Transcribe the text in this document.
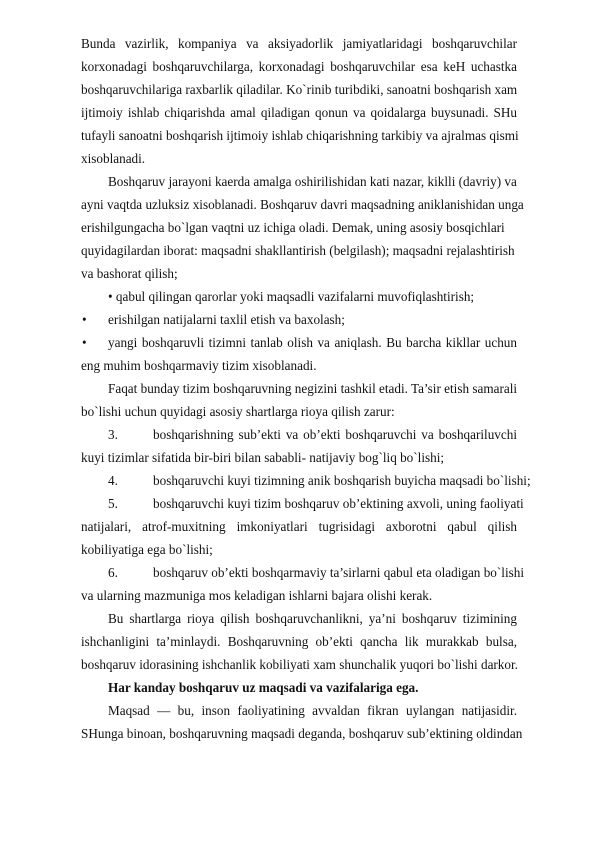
Bunda vazirlik, kompaniya va aksiyadorlik jamiyatlaridagi boshqaruvchilar
korxonadagi boshqaruvchilarga, korxonadagi boshqaruvchilar esa keH uchastka
boshqaruvchilariga raxbarlik qiladilar. Ko`rinib turibdiki, sanoatni boshqarish xam
ijtimoiy ishlab chiqarishda amal qiladigan qonun va qoidalarga buysunadi. SHu
tufayli sanoatni boshqarish ijtimoiy ishlab chiqarishning tarkibiy va ajralmas qismi
xisoblanadi.
Boshqaruv jarayoni kaerda amalga oshirilishidan kati nazar, kiklli (davriy) va
ayni vaqtda uzluksiz xisoblanadi. Boshqaruv davri maqsadning aniklanishidan unga
erishilgungacha bo`lgan vaqtni uz ichiga oladi. Demak, uning asosiy bosqichlari
quyidagilardan iborat: maqsadni shakllantirish (belgilash); maqsadni rejalashtirish
va bashorat qilish;
• qabul qilingan qarorlar yoki maqsadli vazifalarni muvofiqlashtirish;
• erishilgan natijalarni taxlil etish va baxolash;
• yangi boshqaruvli tizimni tanlab olish va aniqlash. Bu barcha kikllar uchun
eng muhim boshqarmaviy tizim xisoblanadi.
Faqat bunday tizim boshqaruvning negizini tashkil etadi. Ta’sir etish samarali
bo`lishi uchun quyidagi asosiy shartlarga rioya qilish zarur:
3.	boshqarishning sub’ekti va ob’ekti boshqaruvchi va boshqariluvchi
kuyi tizimlar sifatida bir-biri bilan sababli- natijaviy bog`liq bo`lishi;
4.	boshqaruvchi kuyi tizimning anik boshqarish buyicha maqsadi bo`lishi;
5.	boshqaruvchi kuyi tizim boshqaruv ob’ektining axvoli, uning faoliyati
natijalari, atrof-muxitning imkoniyatlari tugrisidagi axborotni qabul qilish
kobiliyatiga ega bo`lishi;
6.	boshqaruv ob’ekti boshqarmaviy ta’sirlarni qabul eta oladigan bo`lishi
va ularning mazmuniga mos keladigan ishlarni bajara olishi kerak.
Bu shartlarga rioya qilish boshqaruvchanlikni, ya’ni boshqaruv tizimining
ishchanligini ta’minlaydi. Boshqaruvning ob’ekti qancha lik murakkab bulsa,
boshqaruv idorasining ishchanlik kobiliyati xam shunchalik yuqori bo`lishi darkor.
Har kanday boshqaruv uz maqsadi va vazifalariga ega.
Maqsad — bu, inson faoliyatining avvaldan fikran uylangan natijasidir.
SHunga binoan, boshqaruvning maqsadi deganda, boshqaruv sub’ektining oldindan
